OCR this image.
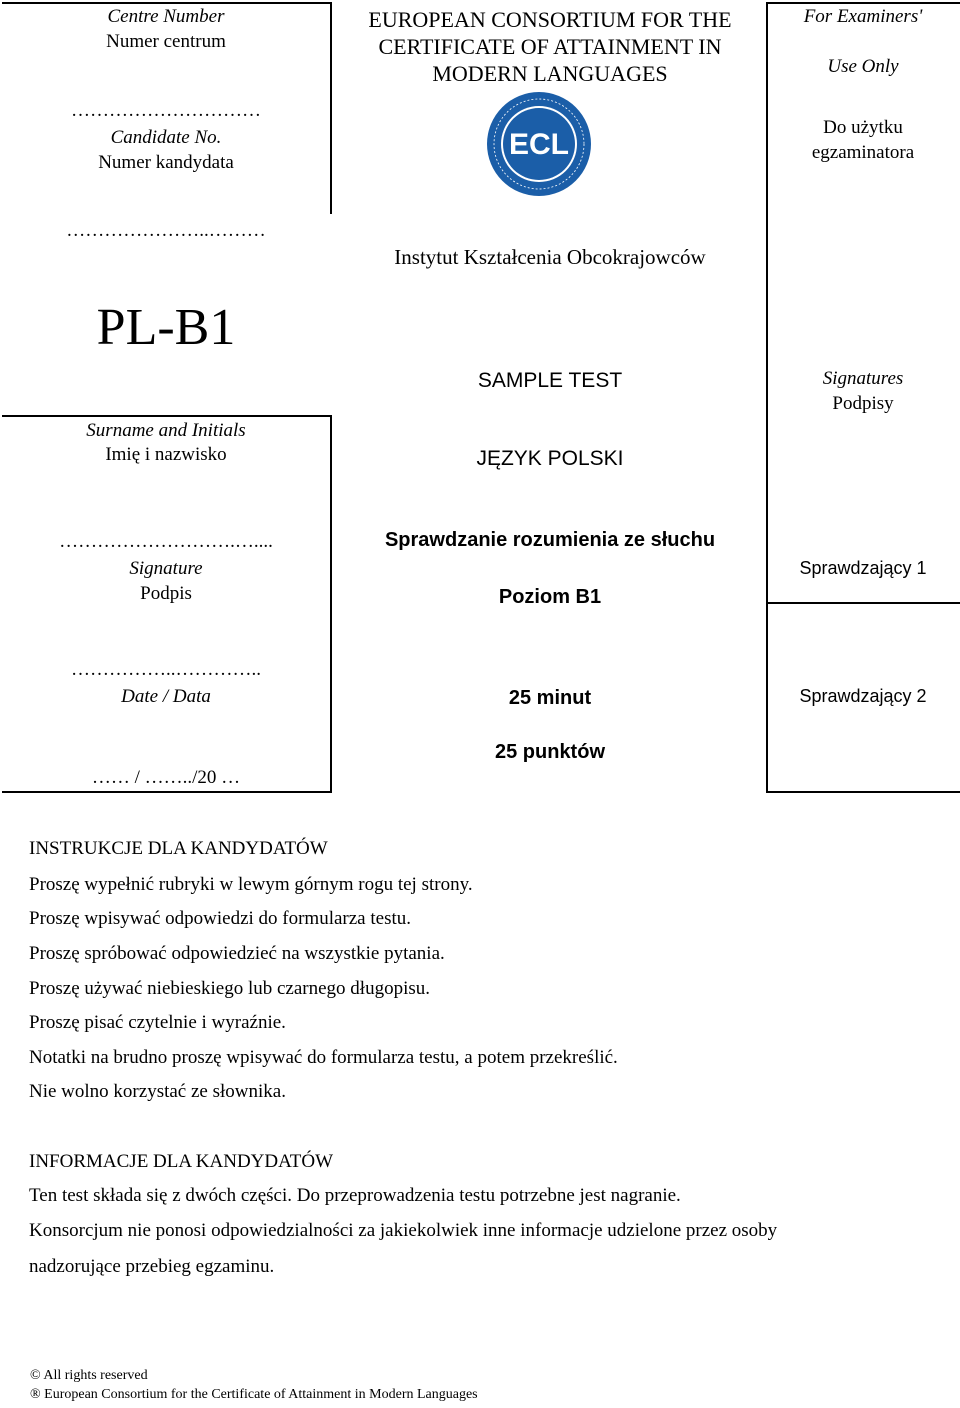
Centre Number
Numer centrum
…………………………
Candidate No.
Numer kandydata
…………………..………
PL-B1
Surname and Initials
Imię i nazwisko
……………………….…....
Signature
Podpis
……………..…………..
Date / Data
…… / ……../20 …
EUROPEAN CONSORTIUM FOR THE CERTIFICATE OF ATTAINMENT IN MODERN LANGUAGES
ECL
Instytut Kształcenia Obcokrajowców
SAMPLE TEST
JĘZYK POLSKI
Sprawdzanie rozumienia ze słuchu
Poziom B1
25 minut
25 punktów
For Examiners'
Use Only
Do użytku
egzaminatora
Signatures
Podpisy
Sprawdzający 1
Sprawdzający 2
INSTRUKCJE DLA KANDYDATÓW
Proszę wypełnić rubryki w lewym górnym rogu tej strony.
Proszę wpisywać odpowiedzi do formularza testu.
Proszę spróbować odpowiedzieć na wszystkie pytania.
Proszę używać niebieskiego lub czarnego długopisu.
Proszę pisać czytelnie i wyraźnie.
Notatki na brudno proszę wpisywać do formularza testu, a potem przekreślić.
Nie wolno korzystać ze słownika.
INFORMACJE DLA KANDYDATÓW
Ten test składa się z dwóch części. Do przeprowadzenia testu potrzebne jest nagranie.
Konsorcjum nie ponosi odpowiedzialności za jakiekolwiek inne informacje udzielone przez osoby
nadzorujące przebieg egzaminu.
© All rights reserved
® European Consortium for the Certificate of Attainment in Modern Languages
